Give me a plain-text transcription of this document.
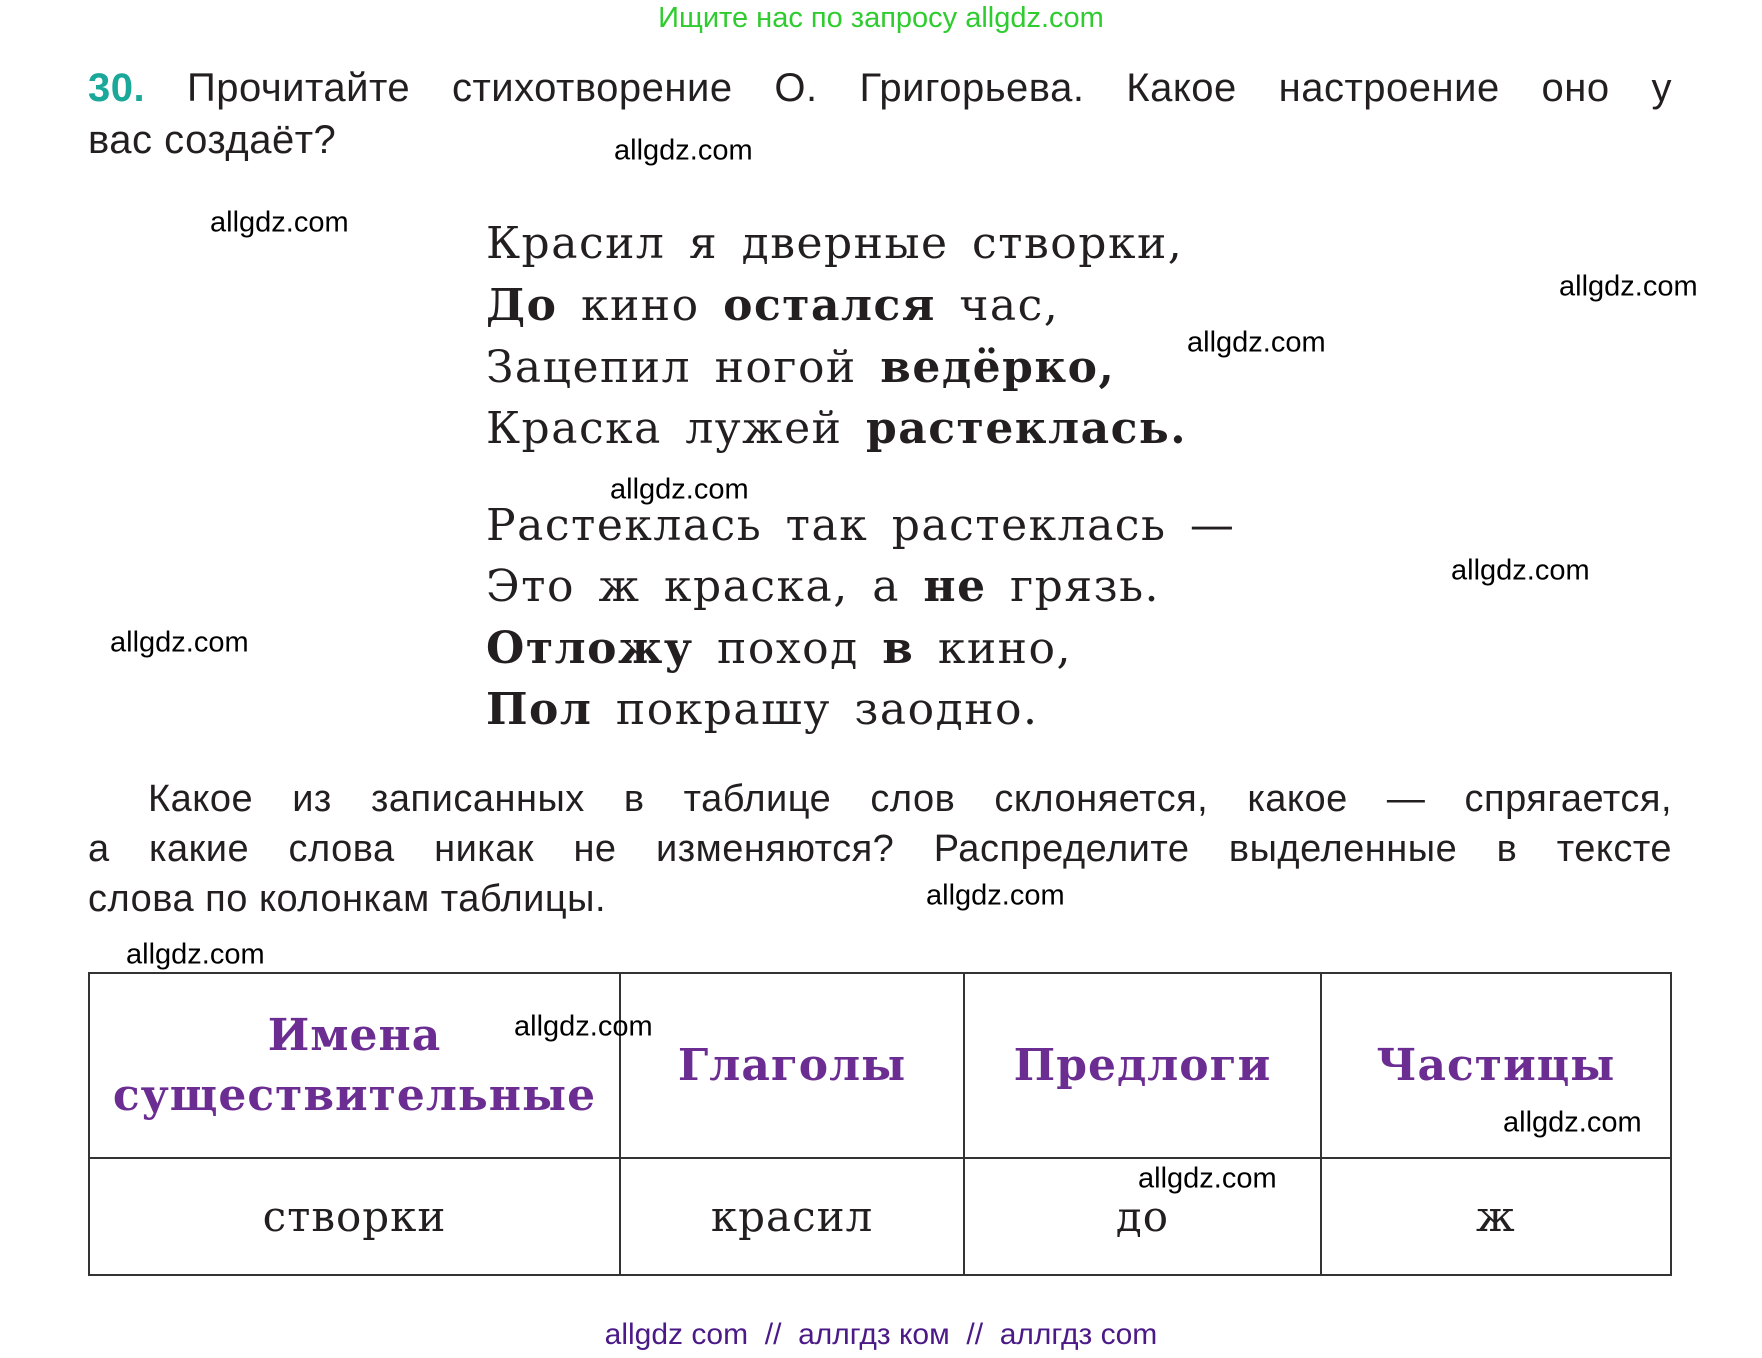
Ищите нас по запросу allgdz.com
30. Прочитайте стихотворение О. Григорьева. Какое настроение оно у
вас создаёт?
Красил я дверные створки,
До кино остался час,
Зацепил ногой ведёрко,
Краска лужей растеклась.
Растеклась так растеклась —
Это ж краска, а не грязь.
Отложу поход в кино,
Пол покрашу заодно.
Какое из записанных в таблице слов склоняется, какое — спрягается,
а какие слова никак не изменяются? Распределите выделенные в тексте
слова по колонкам таблицы.
Имена существительные	Глаголы	Предлоги	Частицы
створки	красил	до	ж
allgdz.com
allgdz.com
allgdz.com
allgdz.com
allgdz.com
allgdz.com
allgdz.com
allgdz.com
allgdz.com
allgdz.com
allgdz.com
allgdz.com
allgdz com  //  аллгдз ком  //  аллгдз com
